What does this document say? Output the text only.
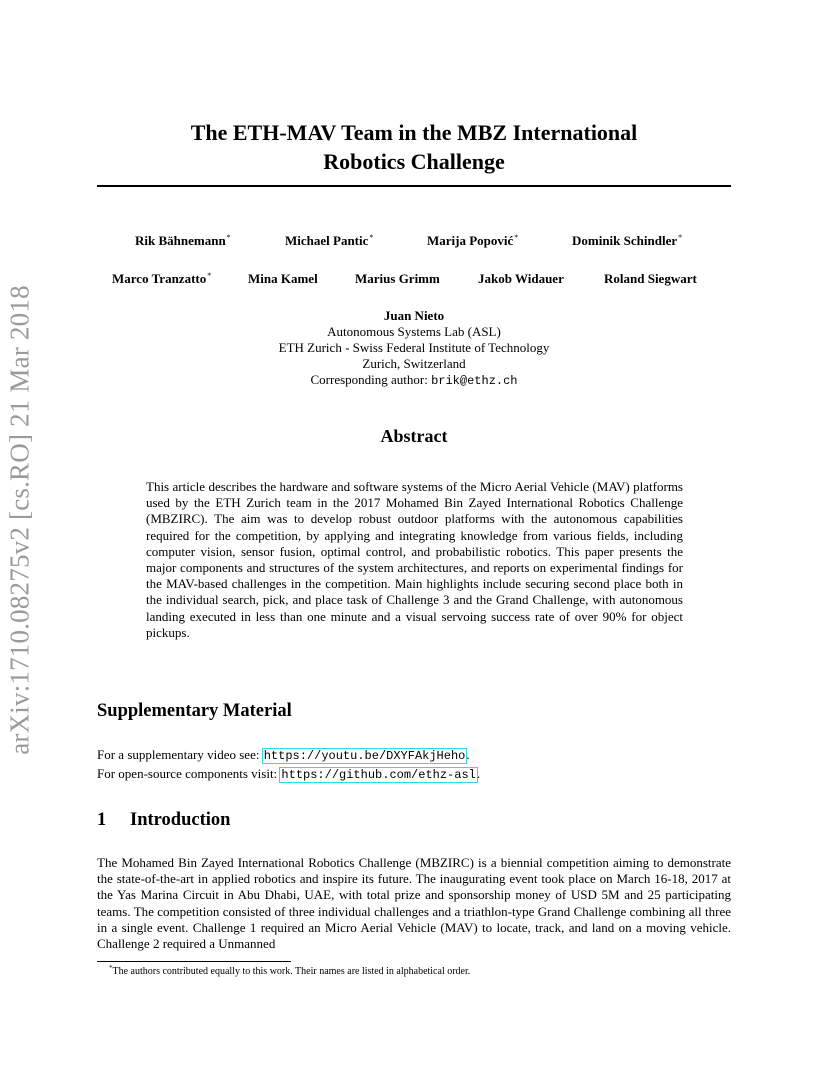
arXiv:1710.08275v2 [cs.RO] 21 Mar 2018
The ETH-MAV Team in the MBZ International
Robotics Challenge
Rik Bähnemann*	Michael Pantic*	Marija Popović*	Dominik Schindler*
Marco Tranzatto*	Mina Kamel	Marius Grimm	Jakob Widauer	Roland Siegwart
Juan Nieto
Autonomous Systems Lab (ASL)
ETH Zurich - Swiss Federal Institute of Technology
Zurich, Switzerland
Corresponding author: brik@ethz.ch
Abstract
This article describes the hardware and software systems of the Micro Aerial Vehicle (MAV) platforms used by the ETH Zurich team in the 2017 Mohamed Bin Zayed International Robotics Challenge (MBZIRC). The aim was to develop robust outdoor platforms with the autonomous capabilities required for the competition, by applying and integrating knowledge from various fields, including computer vision, sensor fusion, optimal control, and probabilistic robotics. This paper presents the major components and structures of the system architectures, and reports on experimental findings for the MAV-based challenges in the competition. Main highlights include securing second place both in the individual search, pick, and place task of Challenge 3 and the Grand Challenge, with autonomous landing executed in less than one minute and a visual servoing success rate of over 90% for object pickups.
Supplementary Material
For a supplementary video see: https://youtu.be/DXYFAkjHeho.
For open-source components visit: https://github.com/ethz-asl.
1 Introduction
The Mohamed Bin Zayed International Robotics Challenge (MBZIRC) is a biennial competition aiming to demonstrate the state-of-the-art in applied robotics and inspire its future. The inaugurating event took place on March 16-18, 2017 at the Yas Marina Circuit in Abu Dhabi, UAE, with total prize and sponsorship money of USD 5M and 25 participating teams. The competition consisted of three individual challenges and a triathlon-type Grand Challenge combining all three in a single event. Challenge 1 required an Micro Aerial Vehicle (MAV) to locate, track, and land on a moving vehicle. Challenge 2 required a Unmanned
*The authors contributed equally to this work. Their names are listed in alphabetical order.
